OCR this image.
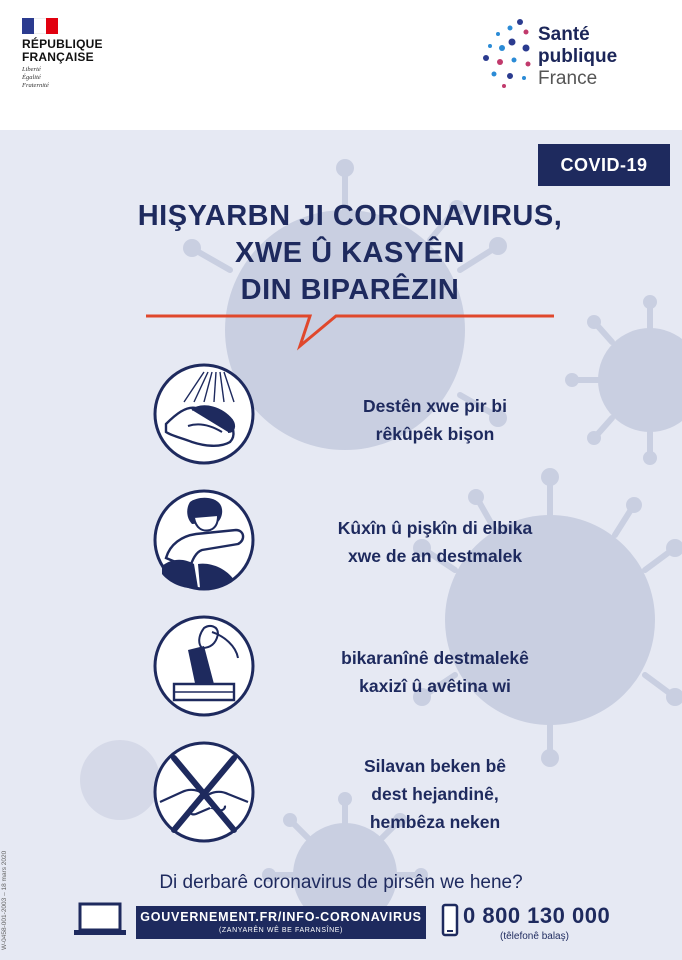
RÉPUBLIQUE
FRANÇAISE
Liberté
Égalité
Fraternité
Santé
publique
France
COVID-19
HIŞYARBN JI CORONAVIRUS,
XWE Û KASYÊN
DIN BIPARÊZIN
Destên xwe pir bi
rêkûpêk bişon
Kûxîn û pişkîn di elbika
xwe de an destmalek
bikaranînê destmalekê
kaxizî û avêtina wi
Silavan beken bê
dest hejandinê,
hembêza neken
Di derbarê coronavirus de pirsên we hene?
GOUVERNEMENT.FR/INFO-CORONAVIRUS
(ZANYARÊN WÊ BE FARANSÎNE)
0 800 130 000
(têlefonê balaş)
W-0458-001-2003 – 18 mars 2020
